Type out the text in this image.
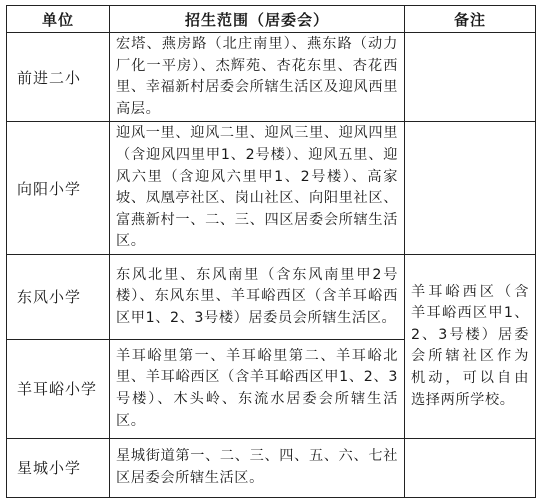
单位	招生范围（居委会）	备注
前进二小	宏塔、燕房路（北庄南里）、燕东路（动力厂化一平房）、杰辉苑、杏花东里、杏花西里、幸福新村居委会所辖生活区及迎风西里高层。	
向阳小学	迎风一里、迎风二里、迎风三里、迎风四里（含迎风四里甲1、2号楼）、迎风五里、迎风六里（含迎风六里甲1、2号楼）、高家坡、凤凰亭社区、岗山社区、向阳里社区、富燕新村一、二、三、四区居委会所辖生活区。	
东风小学	东风北里、东风南里（含东风南里甲2号楼）、东风东里、羊耳峪西区（含羊耳峪西区甲1、2、3号楼）居委员会所辖生活区。	羊耳峪西区（含羊耳峪西区甲1、2、3号楼）居委会所辖社区作为机动，可以自由选择两所学校。
羊耳峪小学	羊耳峪里第一、羊耳峪里第二、羊耳峪北里、羊耳峪西区（含羊耳峪西区甲1、2、3号楼）、木头岭、东流水居委会所辖生活区。	
星城小学	星城街道第一、二、三、四、五、六、七社区居委会所辖生活区。	
